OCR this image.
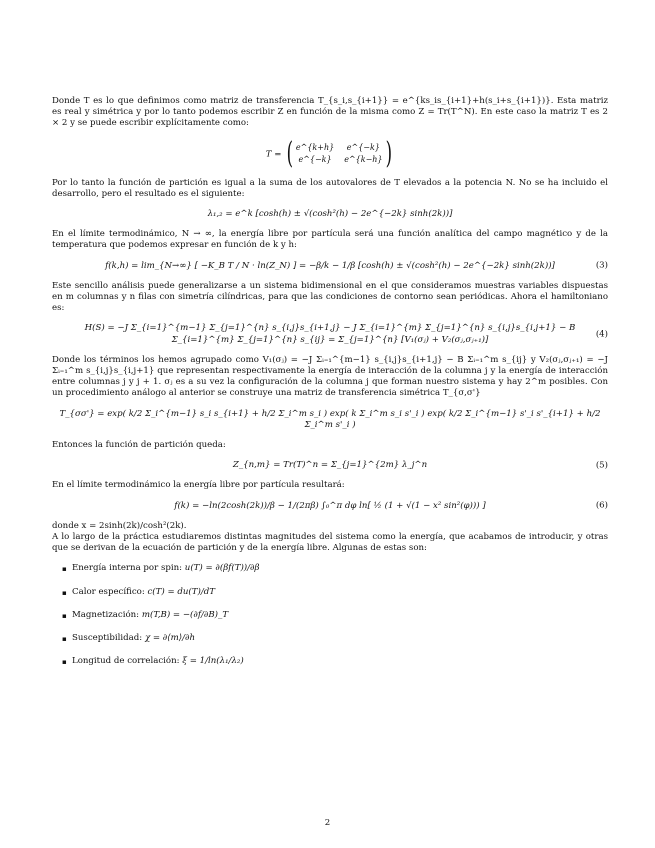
Donde T es lo que definimos como matriz de transferencia T_{s_i,s_{i+1}} = e^{ks_is_{i+1}+h(s_i+s_{i+1})}. Esta matriz es real y simétrica y por lo tanto podemos escribir Z en función de la misma como Z = Tr(T^N). En este caso la matriz T es 2 × 2 y se puede escribir explícitamente como:

T = ( e^{k+h}	e^{−k}
e^{−k}	e^{k−h} )

Por lo tanto la función de partición es igual a la suma de los autovalores de T elevados a la potencia N. No se ha incluido el desarrollo, pero el resultado es el siguiente:

λ₁,₂ = e^k [cosh(h) ± √(cosh²(h) − 2e^{−2k} sinh(2k))]

En el límite termodinámico, N → ∞, la energía libre por partícula será una función analítica del campo magnético y de la temperatura que podemos expresar en función de k y h:

f(k,h) = lim_{N→∞} [ −K_B T / N · ln(Z_N) ] = −β/k − 1/β [cosh(h) ± √(cosh²(h) − 2e^{−2k} sinh(2k))]	(3)

Este sencillo análisis puede generalizarse a un sistema bidimensional en el que consideramos muestras variables dispuestas en m columnas y n filas con simetría cilíndricas, para que las condiciones de contorno sean periódicas. Ahora el hamiltoniano es:

H(S) = −J Σ_{i=1}^{m−1} Σ_{j=1}^{n} s_{i,j}s_{i+1,j} − J Σ_{i=1}^{m} Σ_{j=1}^{n} s_{i,j}s_{i,j+1} − B Σ_{i=1}^{m} Σ_{j=1}^{n} s_{ij} = Σ_{j=1}^{n} [V₁(σⱼ) + V₂(σⱼ,σⱼ₊₁)]
(4)

Donde los términos los hemos agrupado como V₁(σⱼ) = −J Σᵢ₌₁^{m−1} s_{i,j}s_{i+1,j} − B Σᵢ₌₁^m s_{ij} y V₂(σⱼ,σⱼ₊₁) = −J Σᵢ₌₁^m s_{i,j}s_{i,j+1} que representan respectivamente la energía de interacción de la columna j y la energía de interacción entre columnas j y j + 1. σⱼ es a su vez la configuración de la columna j que forman nuestro sistema y hay 2^m posibles. Con un procedimiento análogo al anterior se construye una matriz de transferencia simétrica T_{σ,σ'}

T_{σσ'} = exp( k/2 Σ_i^{m−1} s_i s_{i+1} + h/2 Σ_i^m s_i ) exp( k Σ_i^m s_i s'_i ) exp( k/2 Σ_i^{m−1} s'_i s'_{i+1} + h/2 Σ_i^m s'_i )

Entonces la función de partición queda:

Z_{n,m} = Tr(T)^n = Σ_{j=1}^{2m} λ_j^n	(5)

En el límite termodinámico la energía libre por partícula resultará:

f(k) = −ln(2cosh(2k))/β − 1/(2πβ) ∫₀^π dφ ln[ ½ (1 + √(1 − x² sin²(φ))) ]	(6)

donde x = 2sinh(2k)/cosh²(2k).

A lo largo de la práctica estudiaremos distintas magnitudes del sistema como la energía, que acabamos de introducir, y otras que se derivan de la ecuación de partición y de la energía libre. Algunas de estas son:

▪ Energía interna por spin: u(T) = ∂(βf(T))/∂β
▪ Calor específico: c(T) = du(T)/dT
▪ Magnetización: m(T,B) = −(∂f/∂B)_T
▪ Susceptibilidad: χ = ∂⟨m⟩/∂h
▪ Longitud de correlación: ξ = 1/ln(λ₁/λ₂)
2
